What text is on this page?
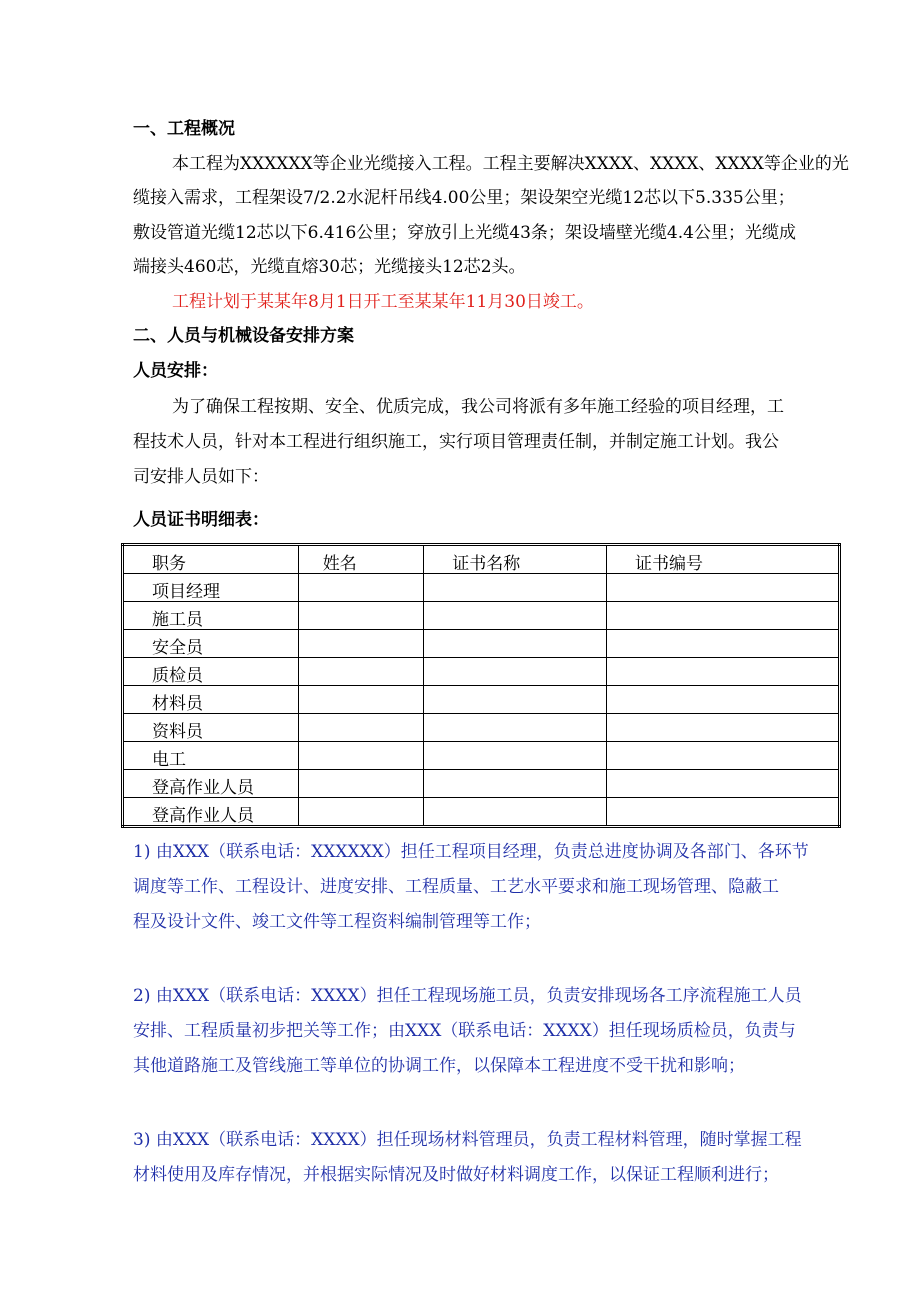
一、工程概况
本工程为XXXXXX等企业光缆接入工程。工程主要解决XXXX、XXXX、XXXX等企业的光
缆接入需求，工程架设7/2.2水泥杆吊线4.00公里；架设架空光缆12芯以下5.335公里；
敷设管道光缆12芯以下6.416公里；穿放引上光缆43条；架设墙壁光缆4.4公里；光缆成
端接头460芯，光缆直熔30芯；光缆接头12芯2头。
工程计划于某某年8月1日开工至某某年11月30日竣工。
二、人员与机械设备安排方案
人员安排：
为了确保工程按期、安全、优质完成，我公司将派有多年施工经验的项目经理，工
程技术人员，针对本工程进行组织施工，实行项目管理责任制，并制定施工计划。我公
司安排人员如下：
人员证书明细表：
职务	姓名	证书名称	证书编号
项目经理			
施工员			
安全员			
质检员			
材料员			
资料员			
电工			
登高作业人员			
登高作业人员			
1) 由XXX（联系电话：XXXXXX）担任工程项目经理，负责总进度协调及各部门、各环节
调度等工作、工程设计、进度安排、工程质量、工艺水平要求和施工现场管理、隐蔽工
程及设计文件、竣工文件等工程资料编制管理等工作；
2) 由XXX（联系电话：XXXX）担任工程现场施工员，负责安排现场各工序流程施工人员
安排、工程质量初步把关等工作；由XXX（联系电话：XXXX）担任现场质检员，负责与
其他道路施工及管线施工等单位的协调工作，以保障本工程进度不受干扰和影响；
3) 由XXX（联系电话：XXXX）担任现场材料管理员，负责工程材料管理，随时掌握工程
材料使用及库存情况，并根据实际情况及时做好材料调度工作，以保证工程顺利进行；
